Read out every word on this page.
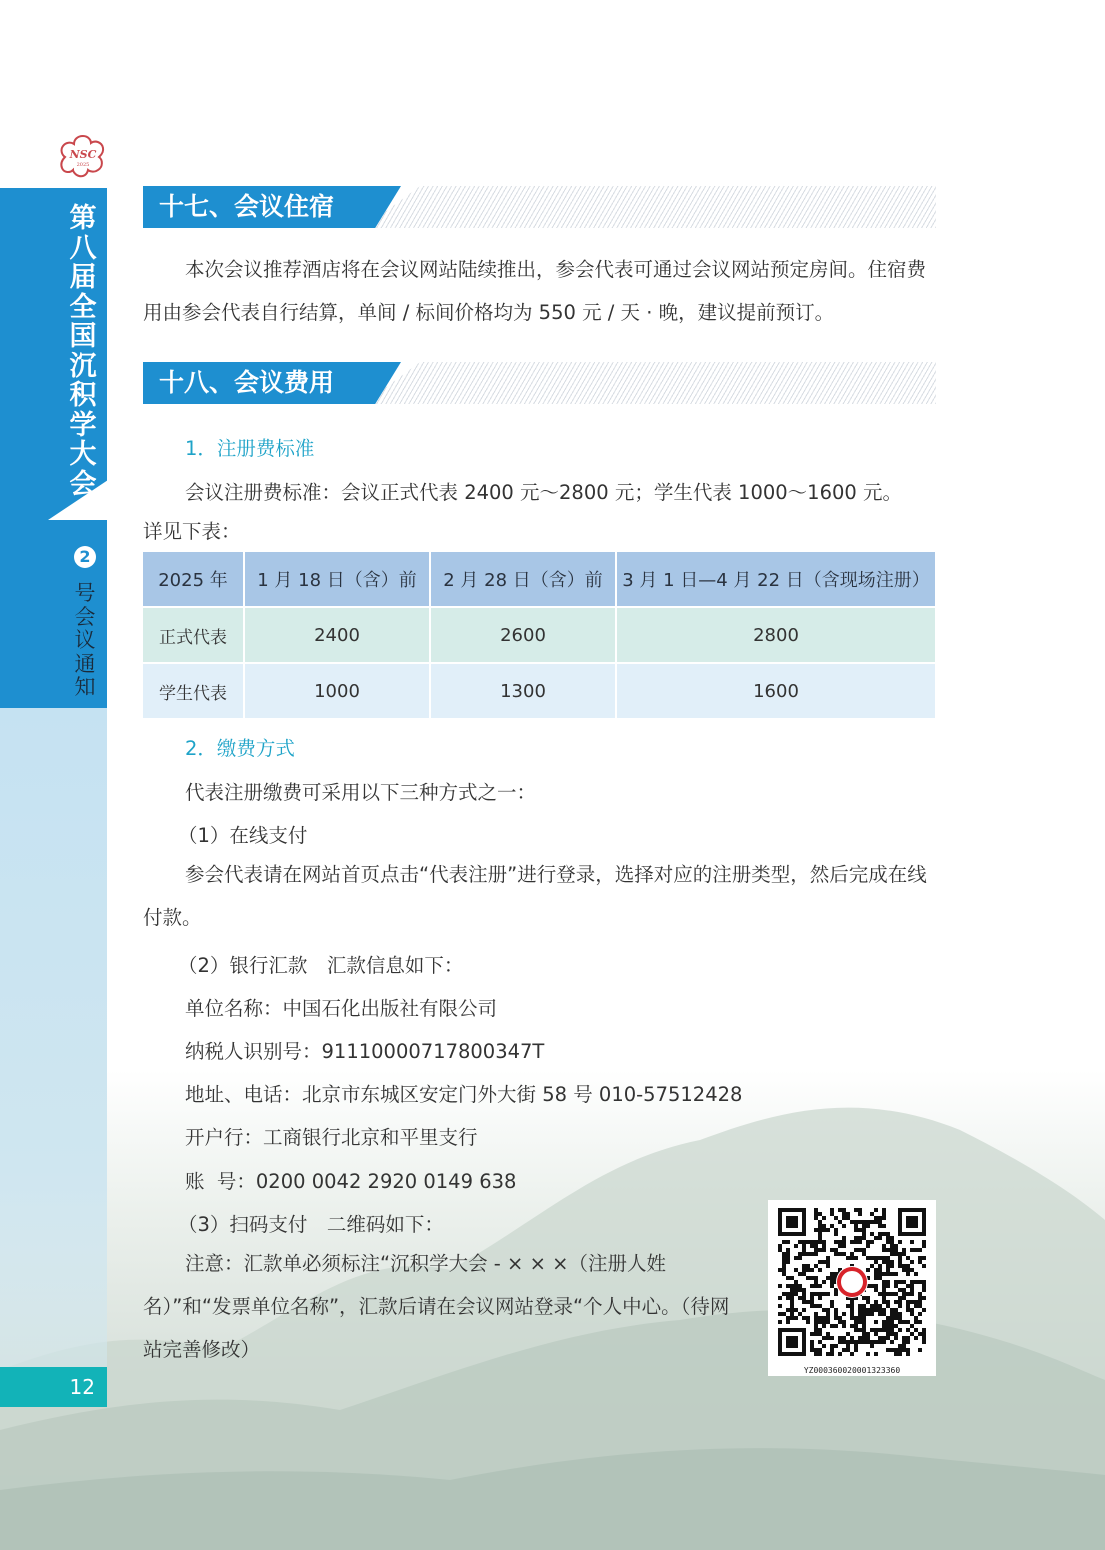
NSC
2025
第八届全国沉积学大会
2
号会议通知
12
十七、会议住宿
本次会议推荐酒店将在会议网站陆续推出，参会代表可通过会议网站预定房间。住宿费用由参会代表自行结算，单间 / 标间价格均为 550 元 / 天 · 晚，建议提前预订。
十八、会议费用
1．注册费标准
会议注册费标准：会议正式代表 2400 元～2800 元；学生代表 1000～1600 元。
详见下表：
2025 年	1 月 18 日（含）前	2 月 28 日（含）前	3 月 1 日—4 月 22 日（含现场注册）
正式代表	2400	2600	2800
学生代表	1000	1300	1600
2．缴费方式
代表注册缴费可采用以下三种方式之一：
（1）在线支付
参会代表请在网站首页点击“代表注册”进行登录，选择对应的注册类型，然后完成在线付款。
（2）银行汇款　汇款信息如下：
单位名称：中国石化出版社有限公司
纳税人识别号：91110000717800347T
地址、电话：北京市东城区安定门外大街 58 号 010-57512428
开户行：工商银行北京和平里支行
账  号：0200 0042 2920 0149 638
（3）扫码支付　二维码如下：
注意：汇款单必须标注“沉积学大会 - × × ×（注册人姓名）”和“发票单位名称”，汇款后请在会议网站登录“个人中心。（待网站完善修改）
YZ00036002000132336​0
